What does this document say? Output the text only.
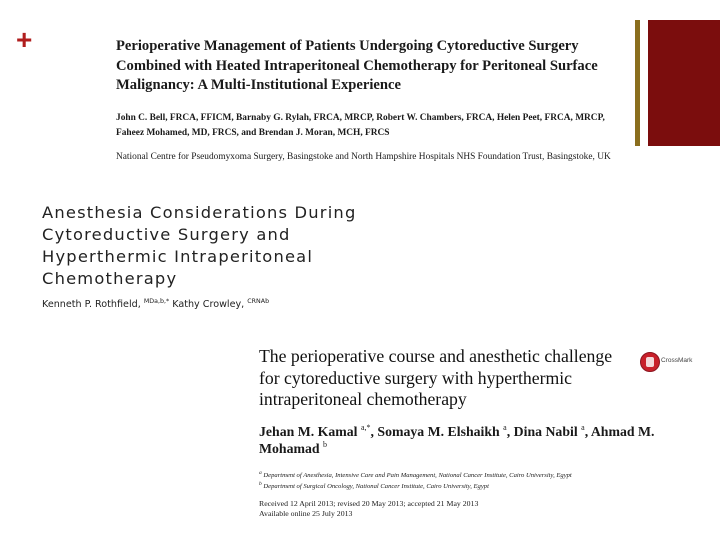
+	Perioperative Management of Patients Undergoing Cytoreductive Surgery Combined with Heated Intraperitoneal Chemotherapy for Peritoneal Surface Malignancy: A Multi-Institutional Experience

John C. Bell, FRCA, FFICM, Barnaby G. Rylah, FRCA, MRCP, Robert W. Chambers, FRCA, Helen Peet, FRCA, MRCP, Faheez Mohamed, MD, FRCS, and Brendan J. Moran, MCH, FRCS

National Centre for Pseudomyxoma Surgery, Basingstoke and North Hampshire Hospitals NHS Foundation Trust, Basingstoke, UK

Anesthesia Considerations During
Cytoreductive Surgery and
Hyperthermic Intraperitoneal
Chemotherapy
Kenneth P. Rothfield, $^{MDa,b,*}$ Kathy Crowley, $^{CRNAb}$
CrossMark
The perioperative course and anesthetic challenge
for cytoreductive surgery with hyperthermic
intraperitoneal chemotherapy
Jehan M. Kamal $^{a,*}$, Somaya M. Elshaikh $^a$, Dina Nabil $^a$, Ahmad M. Mohamad $^b$
$^a$ Department of Anesthesia, Intensive Care and Pain Management, National Cancer Institute, Cairo University, Egypt
$^b$ Department of Surgical Oncology, National Cancer Institute, Cairo University, Egypt
Received 12 April 2013; revised 20 May 2013; accepted 21 May 2013
Available online 25 July 2013
